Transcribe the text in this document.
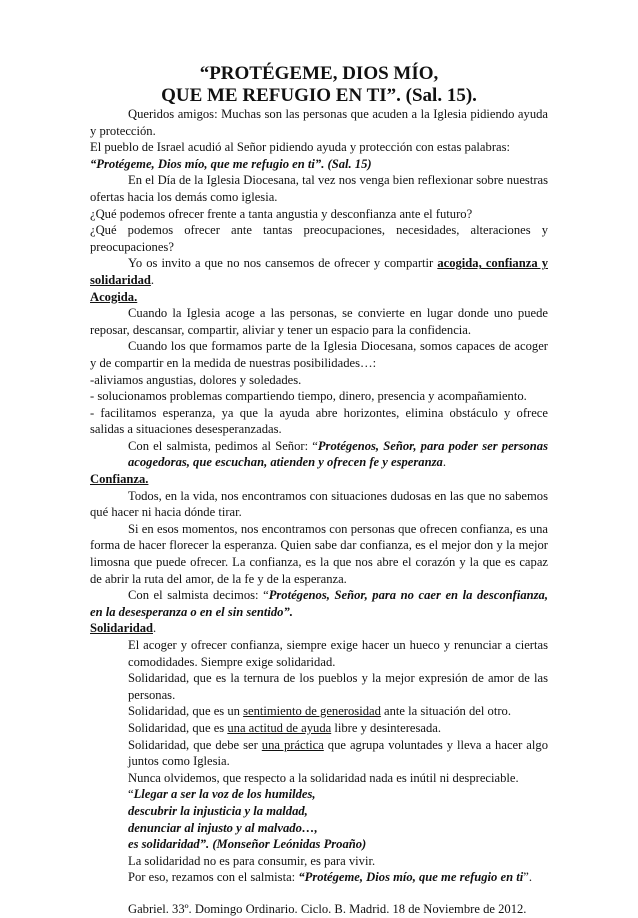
“PROTÉGEME, DIOS MÍO,
QUE ME REFUGIO EN TI”. (Sal. 15).

Queridos amigos: Muchas son las personas que acuden a la Iglesia pidiendo ayuda y protección.

El pueblo de Israel acudió al Señor pidiendo ayuda y protección con estas palabras:

“Protégeme, Dios mío, que me refugio en ti”. (Sal. 15)

En el Día de la Iglesia Diocesana, tal vez nos venga bien reflexionar sobre nuestras ofertas hacia los demás como iglesia.

¿Qué podemos ofrecer frente a tanta angustia y desconfianza ante el futuro?

¿Qué podemos ofrecer ante tantas preocupaciones, necesidades, alteraciones y preocupaciones?

Yo os invito a que no nos cansemos de ofrecer y compartir acogida, confianza y solidaridad.

Acogida.

Cuando la Iglesia acoge a las personas, se convierte en lugar donde uno puede reposar, descansar, compartir, aliviar y tener un espacio para la confidencia.

Cuando los que formamos parte de la Iglesia Diocesana, somos capaces de acoger y de compartir en la medida de nuestras posibilidades…:

-aliviamos angustias, dolores y soledades.

- solucionamos problemas compartiendo tiempo, dinero, presencia y acompañamiento.

- facilitamos esperanza, ya que la ayuda abre horizontes, elimina obstáculo y ofrece salidas a situaciones desesperanzadas.

Con el salmista, pedimos al Señor: “Protégenos, Señor, para poder ser personas acogedoras, que escuchan, atienden y ofrecen fe y esperanza.

Confianza.

Todos, en la vida, nos encontramos con situaciones dudosas en las que no sabemos qué hacer ni hacia dónde tirar.

Si en esos momentos, nos encontramos con personas que ofrecen confianza, es una forma de hacer florecer la esperanza. Quien sabe dar confianza, es el mejor don y la mejor limosna que puede ofrecer. La confianza, es la que nos abre el corazón y la que es capaz de abrir la ruta del amor, de la fe y de la esperanza.

Con el salmista decimos: “Protégenos, Señor, para no caer en la desconfianza, en la desesperanza o en el sin sentido”.

Solidaridad.

El acoger y ofrecer confianza, siempre exige hacer un hueco y renunciar a ciertas comodidades. Siempre exige solidaridad.

Solidaridad, que es la ternura de los pueblos y la mejor expresión de amor de las personas.

Solidaridad, que es un sentimiento de generosidad ante la situación del otro.

Solidaridad, que es una actitud de ayuda libre y desinteresada.

Solidaridad, que debe ser una práctica que agrupa voluntades y lleva a hacer algo juntos como Iglesia.

Nunca olvidemos, que respecto a la solidaridad nada es inútil ni despreciable.

“Llegar a ser la voz de los humildes,

descubrir la injusticia y la maldad,

denunciar al injusto y al malvado…,

es solidaridad”. (Monseñor Leónidas Proaño)

La solidaridad no es para consumir, es para vivir.

Por eso, rezamos con el salmista: “Protégeme, Dios mío, que me refugio en ti”.

Gabriel. 33º. Domingo Ordinario. Ciclo. B. Madrid. 18 de Noviembre de 2012.
